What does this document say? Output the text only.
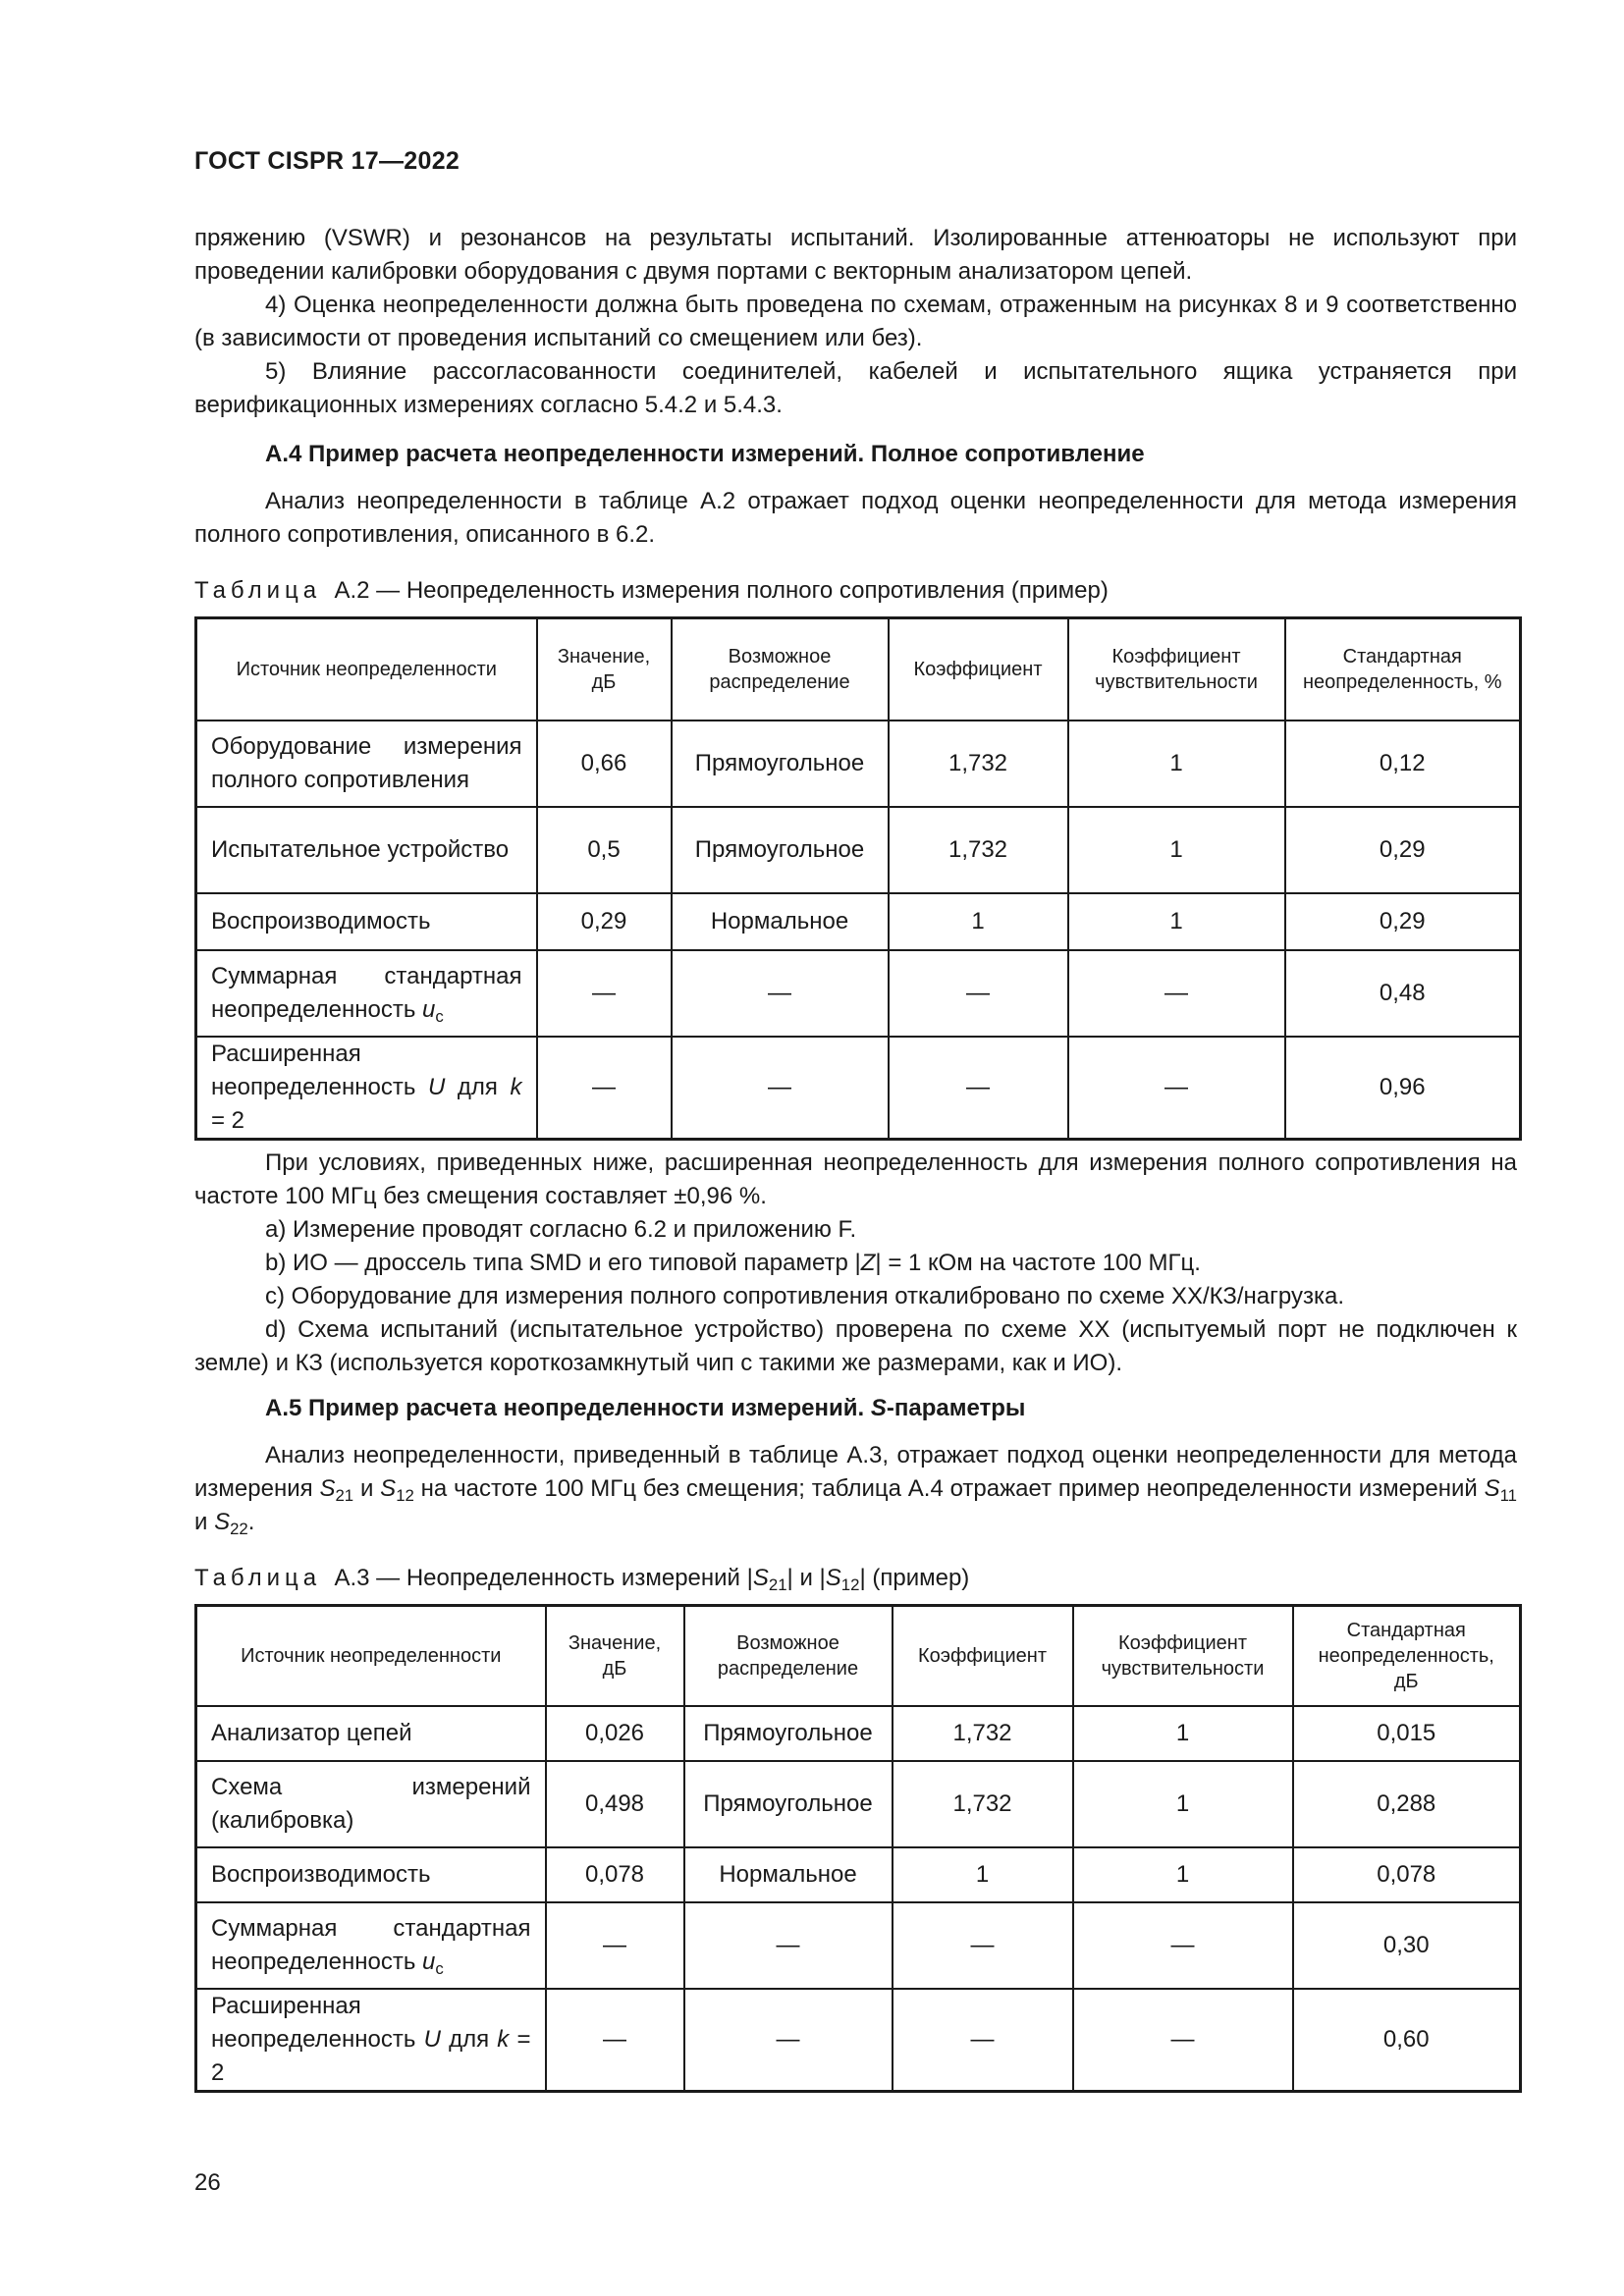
ГОСТ CISPR 17—2022

пряжению (VSWR) и резонансов на результаты испытаний. Изолированные аттенюаторы не используют при проведении калибровки оборудования с двумя портами с векторным анализатором цепей.

4) Оценка неопределенности должна быть проведена по схемам, отраженным на рисунках 8 и 9 соответственно (в зависимости от проведения испытаний со смещением или без).

5) Влияние рассогласованности соединителей, кабелей и испытательного ящика устраняется при верификационных измерениях согласно 5.4.2 и 5.4.3.

А.4 Пример расчета неопределенности измерений. Полное сопротивление

Анализ неопределенности в таблице А.2 отражает подход оценки неопределенности для метода измерения полного сопротивления, описанного в 6.2.

Таблица А.2 — Неопределенность измерения полного сопротивления (пример)
Источник неопределенности	Значение, дБ	Возможное распределение	Коэффициент	Коэффициент чувствительности	Стандартная неопределенность, %
Оборудование измерения полного сопротивления	0,66	Прямоугольное	1,732	1	0,12
Испытательное устройство	0,5	Прямоугольное	1,732	1	0,29
Воспроизводимость	0,29	Нормальное	1	1	0,29
Суммарная стандартная неопределенность $u_c$	—	—	—	—	0,48
Расширенная неопределенность U для k = 2	—	—	—	—	0,96

При условиях, приведенных ниже, расширенная неопределенность для измерения полного сопротивления на частоте 100 МГц без смещения составляет ±0,96 %.

a) Измерение проводят согласно 6.2 и приложению F.

b) ИО — дроссель типа SMD и его типовой параметр |Z| = 1 кОм на частоте 100 МГц.

c) Оборудование для измерения полного сопротивления откалибровано по схеме ХХ/КЗ/нагрузка.

d) Схема испытаний (испытательное устройство) проверена по схеме ХХ (испытуемый порт не подключен к земле) и КЗ (используется короткозамкнутый чип с такими же размерами, как и ИО).

А.5 Пример расчета неопределенности измерений. S-параметры

Анализ неопределенности, приведенный в таблице А.3, отражает подход оценки неопределенности для метода измерения $S_{21}$ и $S_{12}$ на частоте 100 МГц без смещения; таблица А.4 отражает пример неопределенности измерений $S_{11}$ и $S_{22}$.

Таблица А.3 — Неопределенность измерений $|S_{21}|$ и $|S_{12}|$ (пример)
Источник неопределенности	Значение, дБ	Возможное распределение	Коэффициент	Коэффициент чувствительности	Стандартная неопределенность, дБ
Анализатор цепей	0,026	Прямоугольное	1,732	1	0,015
Схема измерений (калибровка)	0,498	Прямоугольное	1,732	1	0,288
Воспроизводимость	0,078	Нормальное	1	1	0,078
Суммарная стандартная неопределенность $u_c$	—	—	—	—	0,30
Расширенная неопределенность U для k = 2	—	—	—	—	0,60
26
